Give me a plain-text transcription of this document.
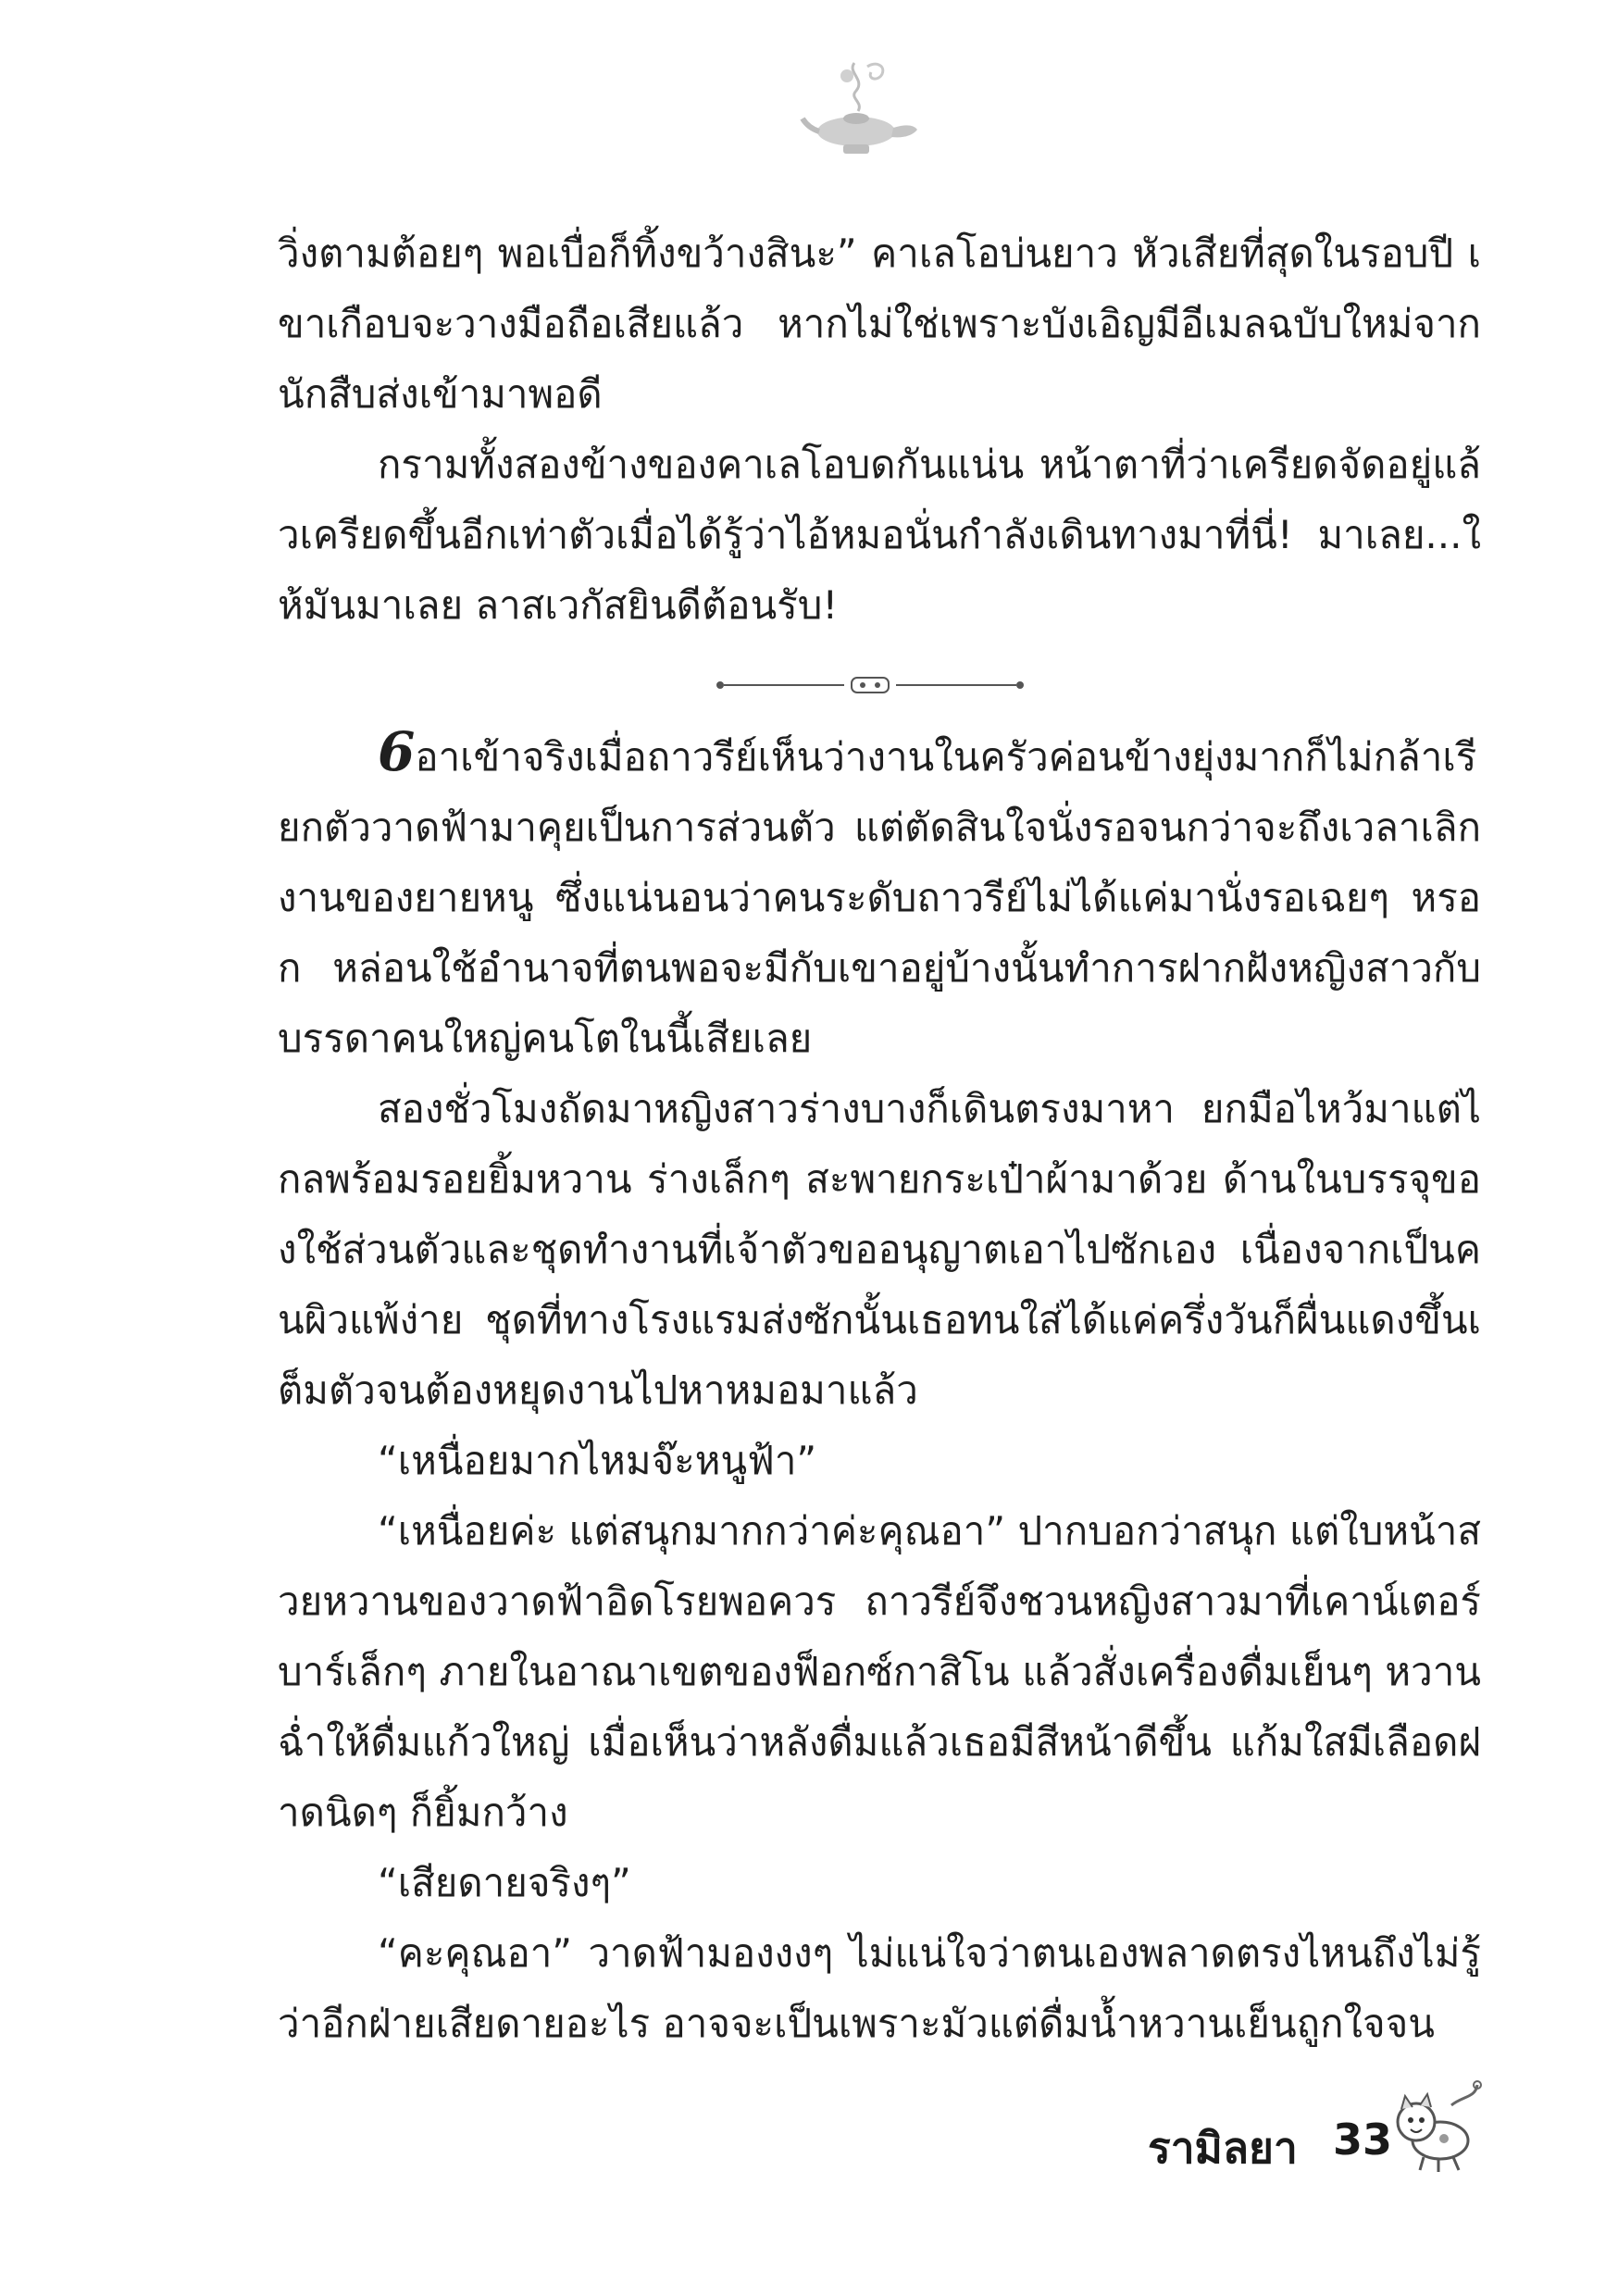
วิ่งตามต้อยๆ พอเบื่อก็ทิ้งขว้างสินะ” คาเลโอบ่นยาว หัวเสียที่สุดในรอบปี เขาเกือบจะวางมือถือเสียแล้ว หากไม่ใช่เพราะบังเอิญมีอีเมลฉบับใหม่จากนักสืบส่งเข้ามาพอดี

กรามทั้งสองข้างของคาเลโอบดกันแน่น หน้าตาที่ว่าเครียดจัดอยู่แล้วเครียดขึ้นอีกเท่าตัวเมื่อได้รู้ว่าไอ้หมอนั่นกำลังเดินทางมาที่นี่! มาเลย...ให้มันมาเลย ลาสเวกัสยินดีต้อนรับ!

6อาเข้าจริงเมื่อถาวรีย์เห็นว่างานในครัวค่อนข้างยุ่งมากก็ไม่กล้าเรียกตัววาดฟ้ามาคุยเป็นการส่วนตัว แต่ตัดสินใจนั่งรอจนกว่าจะถึงเวลาเลิกงานของยายหนู ซึ่งแน่นอนว่าคนระดับถาวรีย์ไม่ได้แค่มานั่งรอเฉยๆ หรอก หล่อนใช้อำนาจที่ตนพอจะมีกับเขาอยู่บ้างนั้นทำการฝากฝังหญิงสาวกับบรรดาคนใหญ่คนโตในนี้เสียเลย

สองชั่วโมงถัดมาหญิงสาวร่างบางก็เดินตรงมาหา ยกมือไหว้มาแต่ไกลพร้อมรอยยิ้มหวาน ร่างเล็กๆ สะพายกระเป๋าผ้ามาด้วย ด้านในบรรจุของใช้ส่วนตัวและชุดทำงานที่เจ้าตัวขออนุญาตเอาไปซักเอง เนื่องจากเป็นคนผิวแพ้ง่าย ชุดที่ทางโรงแรมส่งซักนั้นเธอทนใส่ได้แค่ครึ่งวันก็ผื่นแดงขึ้นเต็มตัวจนต้องหยุดงานไปหาหมอมาแล้ว

“เหนื่อยมากไหมจ๊ะหนูฟ้า”

“เหนื่อยค่ะ แต่สนุกมากกว่าค่ะคุณอา” ปากบอกว่าสนุก แต่ใบหน้าสวยหวานของวาดฟ้าอิดโรยพอควร ถาวรีย์จึงชวนหญิงสาวมาที่เคาน์เตอร์บาร์เล็กๆ ภายในอาณาเขตของฟ็อกซ์กาสิโน แล้วสั่งเครื่องดื่มเย็นๆ หวานฉ่ำให้ดื่มแก้วใหญ่ เมื่อเห็นว่าหลังดื่มแล้วเธอมีสีหน้าดีขึ้น แก้มใสมีเลือดฝาดนิดๆ ก็ยิ้มกว้าง

“เสียดายจริงๆ”

“คะคุณอา” วาดฟ้ามองงงๆ ไม่แน่ใจว่าตนเองพลาดตรงไหนถึงไม่รู้ว่าอีกฝ่ายเสียดายอะไร อาจจะเป็นเพราะมัวแต่ดื่มน้ำหวานเย็นถูกใจจน

รามิลยา 33
